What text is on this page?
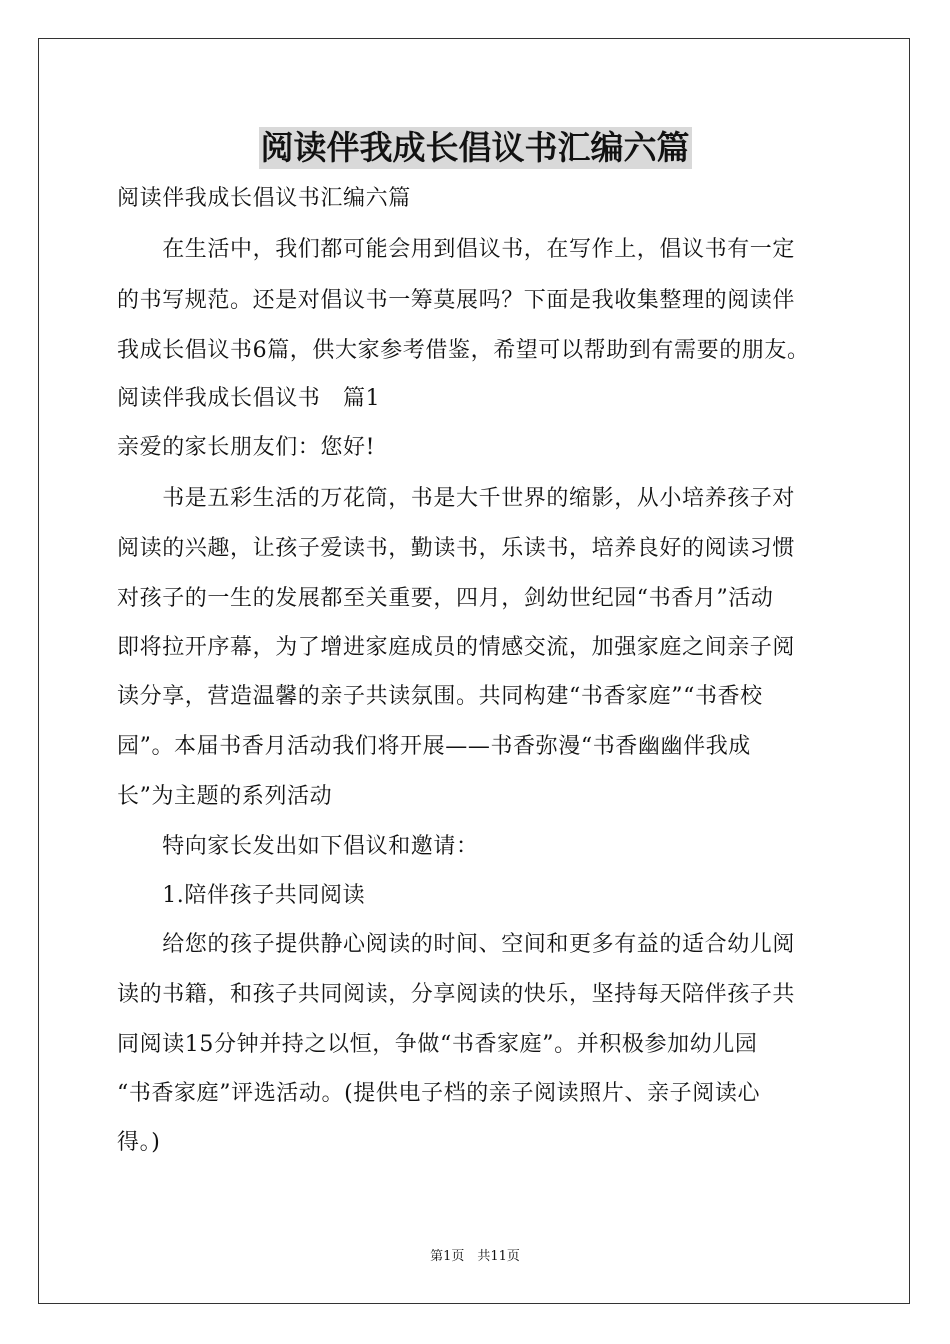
阅读伴我成长倡议书汇编六篇
阅读伴我成长倡议书汇编六篇
　　在生活中，我们都可能会用到倡议书，在写作上，倡议书有一定
的书写规范。还是对倡议书一筹莫展吗？下面是我收集整理的阅读伴
我成长倡议书6篇，供大家参考借鉴，希望可以帮助到有需要的朋友。
阅读伴我成长倡议书　篇1
亲爱的家长朋友们：您好!
　　书是五彩生活的万花筒，书是大千世界的缩影，从小培养孩子对
阅读的兴趣，让孩子爱读书，勤读书，乐读书，培养良好的阅读习惯
对孩子的一生的发展都至关重要，四月，剑幼世纪园“书香月”活动
即将拉开序幕，为了增进家庭成员的情感交流，加强家庭之间亲子阅
读分享，营造温馨的亲子共读氛围。共同构建“书香家庭”“书香校
园”。本届书香月活动我们将开展——书香弥漫“书香幽幽伴我成
长”为主题的系列活动
　　特向家长发出如下倡议和邀请：
　　1.陪伴孩子共同阅读
　　给您的孩子提供静心阅读的时间、空间和更多有益的适合幼儿阅
读的书籍，和孩子共同阅读，分享阅读的快乐，坚持每天陪伴孩子共
同阅读15分钟并持之以恒，争做“书香家庭”。并积极参加幼儿园
“书香家庭”评选活动。(提供电子档的亲子阅读照片、亲子阅读心
得。)
第1页　共11页
